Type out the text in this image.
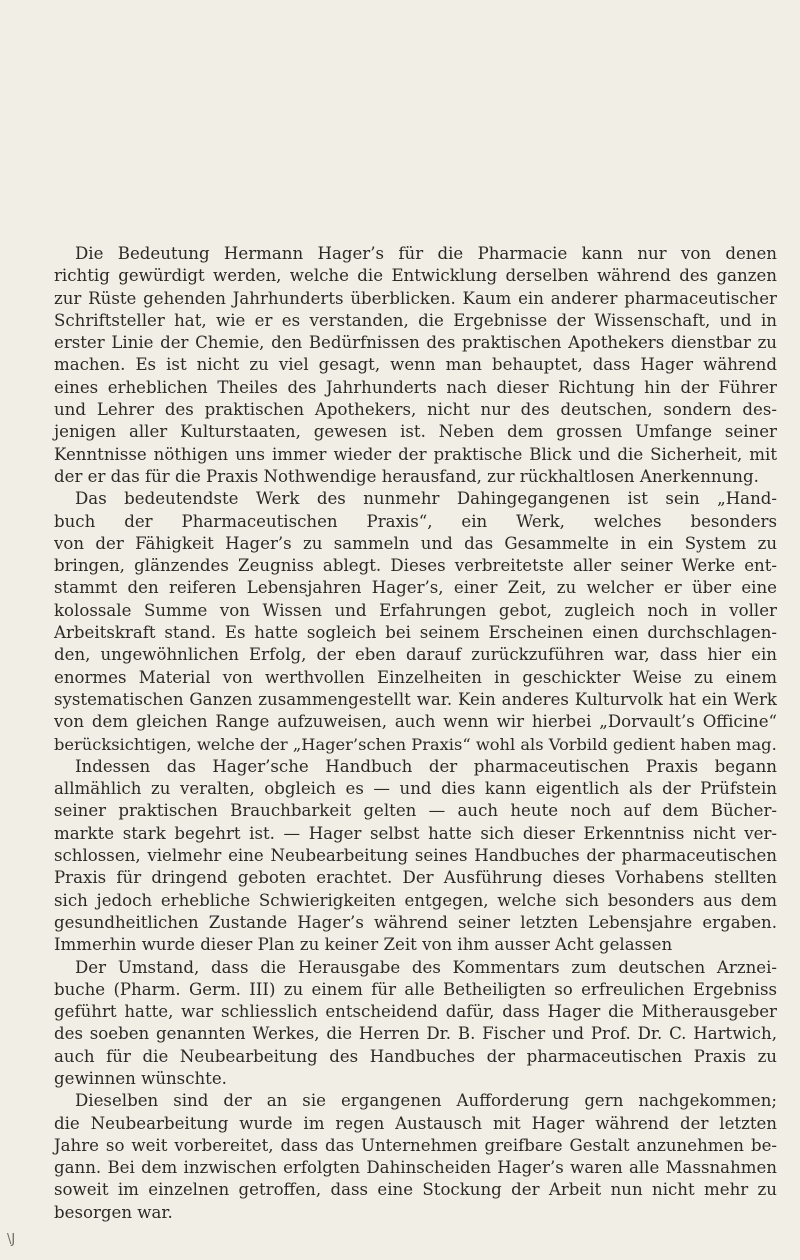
Die Bedeutung Hermann Hager’s für die Pharmacie kann nur von denen
richtig gewürdigt werden, welche die Entwicklung derselben während des ganzen
zur Rüste gehenden Jahrhunderts überblicken. Kaum ein anderer pharmaceutischer
Schriftsteller hat, wie er es verstanden, die Ergebnisse der Wissenschaft, und in
erster Linie der Chemie, den Bedürfnissen des praktischen Apothekers dienstbar zu
machen. Es ist nicht zu viel gesagt, wenn man behauptet, dass Hager während
eines erheblichen Theiles des Jahrhunderts nach dieser Richtung hin der Führer
und Lehrer des praktischen Apothekers, nicht nur des deutschen, sondern des-
jenigen aller Kulturstaaten, gewesen ist. Neben dem grossen Umfange seiner
Kenntnisse nöthigen uns immer wieder der praktische Blick und die Sicherheit, mit
der er das für die Praxis Nothwendige herausfand, zur rückhaltlosen Anerkennung.
Das bedeutendste Werk des nunmehr Dahingegangenen ist sein „Hand-
buch der Pharmaceutischen Praxis“, ein Werk, welches besonders
von der Fähigkeit Hager’s zu sammeln und das Gesammelte in ein System zu
bringen, glänzendes Zeugniss ablegt. Dieses verbreitetste aller seiner Werke ent-
stammt den reiferen Lebensjahren Hager’s, einer Zeit, zu welcher er über eine
kolossale Summe von Wissen und Erfahrungen gebot, zugleich noch in voller
Arbeitskraft stand. Es hatte sogleich bei seinem Erscheinen einen durchschlagen-
den, ungewöhnlichen Erfolg, der eben darauf zurückzuführen war, dass hier ein
enormes Material von werthvollen Einzelheiten in geschickter Weise zu einem
systematischen Ganzen zusammengestellt war. Kein anderes Kulturvolk hat ein Werk
von dem gleichen Range aufzuweisen, auch wenn wir hierbei „Dorvault’s Officine“
berücksichtigen, welche der „Hager’schen Praxis“ wohl als Vorbild gedient haben mag.
Indessen das Hager’sche Handbuch der pharmaceutischen Praxis begann
allmählich zu veralten, obgleich es — und dies kann eigentlich als der Prüfstein
seiner praktischen Brauchbarkeit gelten — auch heute noch auf dem Bücher-
markte stark begehrt ist. — Hager selbst hatte sich dieser Erkenntniss nicht ver-
schlossen, vielmehr eine Neubearbeitung seines Handbuches der pharmaceutischen
Praxis für dringend geboten erachtet. Der Ausführung dieses Vorhabens stellten
sich jedoch erhebliche Schwierigkeiten entgegen, welche sich besonders aus dem
gesundheitlichen Zustande Hager’s während seiner letzten Lebensjahre ergaben.
Immerhin wurde dieser Plan zu keiner Zeit von ihm ausser Acht gelassen
Der Umstand, dass die Herausgabe des Kommentars zum deutschen Arznei-
buche (Pharm. Germ. III) zu einem für alle Betheiligten so erfreulichen Ergebniss
geführt hatte, war schliesslich entscheidend dafür, dass Hager die Mitherausgeber
des soeben genannten Werkes, die Herren Dr. B. Fischer und Prof. Dr. C. Hartwich,
auch für die Neubearbeitung des Handbuches der pharmaceutischen Praxis zu
gewinnen wünschte.
Dieselben sind der an sie ergangenen Aufforderung gern nachgekommen;
die Neubearbeitung wurde im regen Austausch mit Hager während der letzten
Jahre so weit vorbereitet, dass das Unternehmen greifbare Gestalt anzunehmen be-
gann. Bei dem inzwischen erfolgten Dahinscheiden Hager’s waren alle Massnahmen
soweit im einzelnen getroffen, dass eine Stockung der Arbeit nun nicht mehr zu
besorgen war.
\J
